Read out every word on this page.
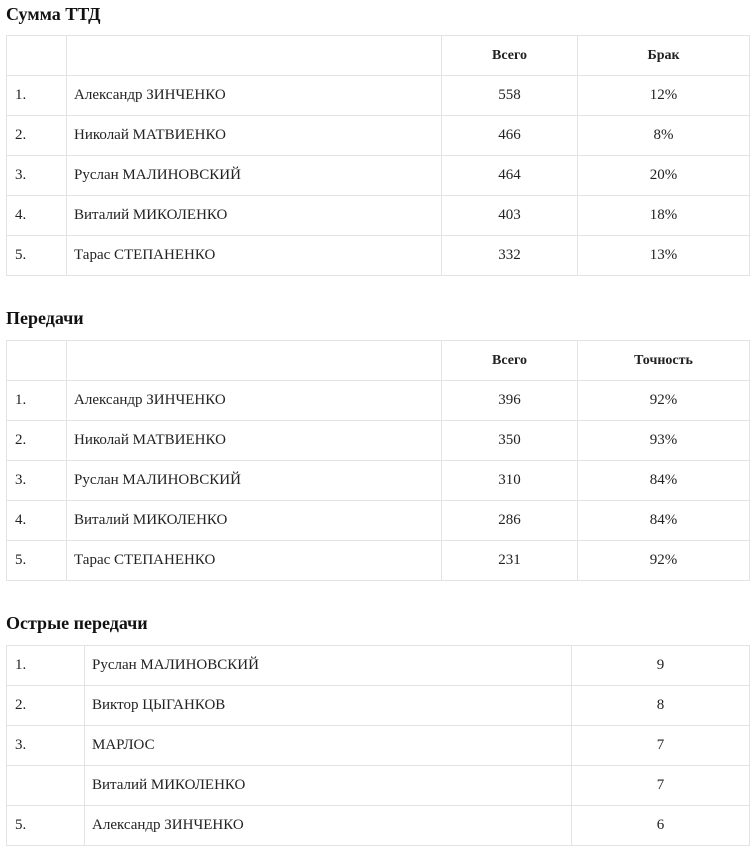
Сумма ТТД
		Всего	Брак
1.	Александр ЗИНЧЕНКО	558	12%
2.	Николай МАТВИЕНКО	466	8%
3.	Руслан МАЛИНОВСКИЙ	464	20%
4.	Виталий МИКОЛЕНКО	403	18%
5.	Тарас СТЕПАНЕНКО	332	13%
Передачи
		Всего	Точность
1.	Александр ЗИНЧЕНКО	396	92%
2.	Николай МАТВИЕНКО	350	93%
3.	Руслан МАЛИНОВСКИЙ	310	84%
4.	Виталий МИКОЛЕНКО	286	84%
5.	Тарас СТЕПАНЕНКО	231	92%
Острые передачи
1.	Руслан МАЛИНОВСКИЙ	9
2.	Виктор ЦЫГАНКОВ	8
3.	МАРЛОС	7
	Виталий МИКОЛЕНКО	7
5.	Александр ЗИНЧЕНКО	6
